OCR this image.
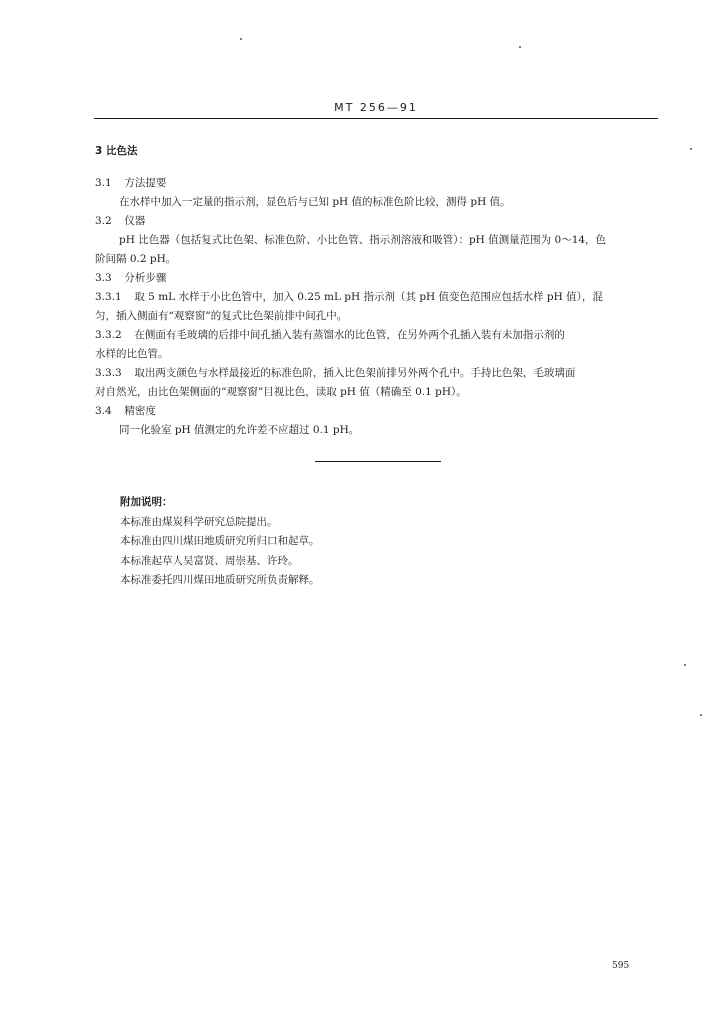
MT 256—91
3 比色法
3.1 方法提要
在水样中加入一定量的指示剂，显色后与已知 pH 值的标准色阶比较，测得 pH 值。
3.2 仪器
pH 比色器（包括复式比色架、标准色阶、小比色管、指示剂溶液和吸管）：pH 值测量范围为 0～14，色
阶间隔 0.2 pH。
3.3 分析步骤
3.3.1 取 5 mL 水样于小比色管中，加入 0.25 mL pH 指示剂（其 pH 值变色范围应包括水样 pH 值），混
匀，插入侧面有“观察窗”的复式比色架前排中间孔中。
3.3.2 在侧面有毛玻璃的后排中间孔插入装有蒸馏水的比色管，在另外两个孔插入装有未加指示剂的
水样的比色管。
3.3.3 取出两支颜色与水样最接近的标准色阶，插入比色架前排另外两个孔中。手持比色架，毛玻璃面
对自然光，由比色架侧面的“观察窗”目视比色，读取 pH 值（精确至 0.1 pH）。
3.4 精密度
同一化验室 pH 值测定的允许差不应超过 0.1 pH。
附加说明：
本标准由煤炭科学研究总院提出。
本标准由四川煤田地质研究所归口和起草。
本标准起草人吴富贤、周崇基、许玲。
本标准委托四川煤田地质研究所负责解释。
595
